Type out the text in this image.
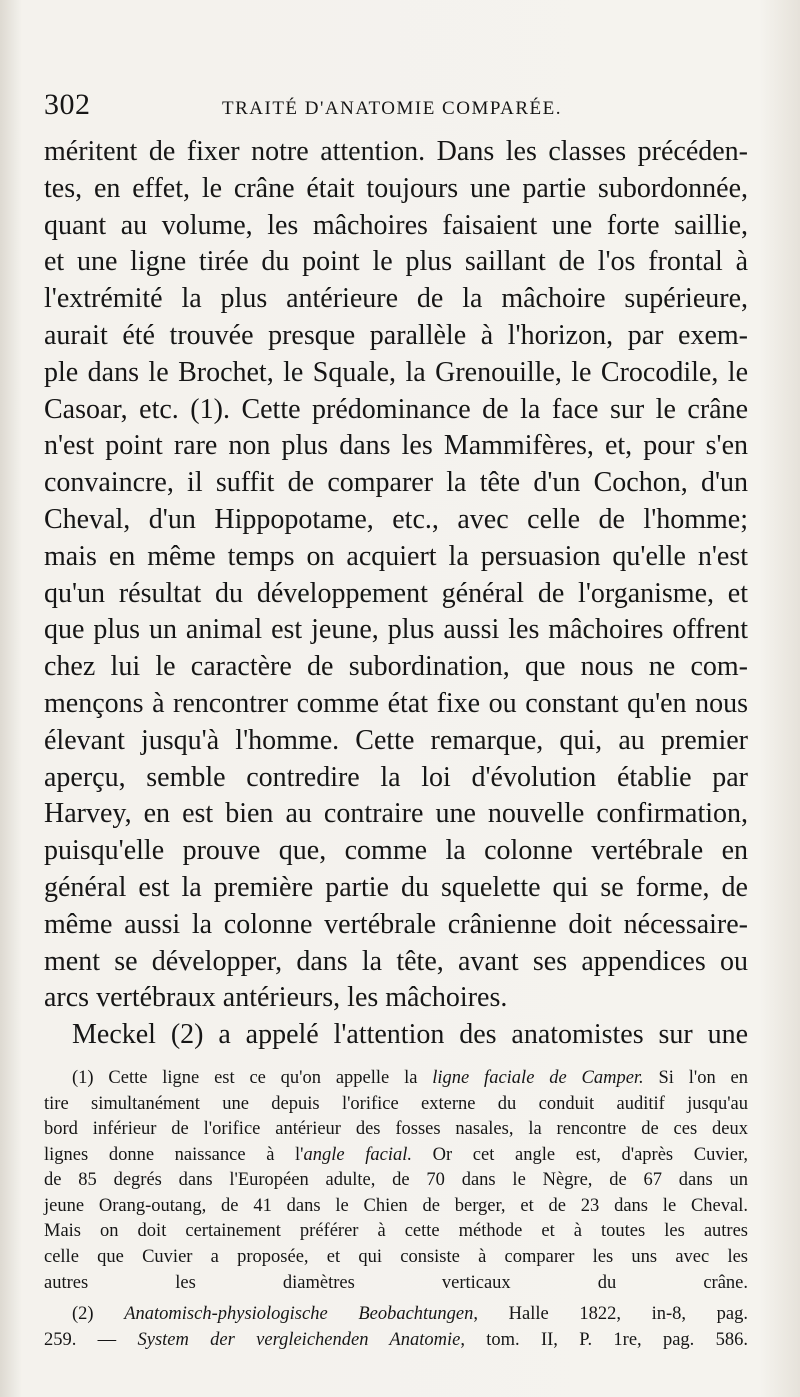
302	TRAITÉ D'ANATOMIE COMPARÉE.
méritent de fixer notre attention. Dans les classes précéden-
tes, en effet, le crâne était toujours une partie subordonnée,
quant au volume, les mâchoires faisaient une forte saillie,
et une ligne tirée du point le plus saillant de l'os frontal à
l'extrémité la plus antérieure de la mâchoire supérieure,
aurait été trouvée presque parallèle à l'horizon, par exem-
ple dans le Brochet, le Squale, la Grenouille, le Crocodile, le
Casoar, etc. (1). Cette prédominance de la face sur le crâne
n'est point rare non plus dans les Mammifères, et, pour s'en
convaincre, il suffit de comparer la tête d'un Cochon, d'un
Cheval, d'un Hippopotame, etc., avec celle de l'homme;
mais en même temps on acquiert la persuasion qu'elle n'est
qu'un résultat du développement général de l'organisme, et
que plus un animal est jeune, plus aussi les mâchoires offrent
chez lui le caractère de subordination, que nous ne com-
mençons à rencontrer comme état fixe ou constant qu'en nous
élevant jusqu'à l'homme. Cette remarque, qui, au premier
aperçu, semble contredire la loi d'évolution établie par
Harvey, en est bien au contraire une nouvelle confirmation,
puisqu'elle prouve que, comme la colonne vertébrale en
général est la première partie du squelette qui se forme, de
même aussi la colonne vertébrale crânienne doit nécessaire-
ment se développer, dans la tête, avant ses appendices ou
arcs vertébraux antérieurs, les mâchoires.
Meckel (2) a appelé l'attention des anatomistes sur une
(1) Cette ligne est ce qu'on appelle la ligne faciale de Camper. Si l'on en
tire simultanément une depuis l'orifice externe du conduit auditif jusqu'au
bord inférieur de l'orifice antérieur des fosses nasales, la rencontre de ces deux
lignes donne naissance à l'angle facial. Or cet angle est, d'après Cuvier,
de 85 degrés dans l'Européen adulte, de 70 dans le Nègre, de 67 dans un
jeune Orang-outang, de 41 dans le Chien de berger, et de 23 dans le Cheval.
Mais on doit certainement préférer à cette méthode et à toutes les autres
celle que Cuvier a proposée, et qui consiste à comparer les uns avec les
autres les diamètres verticaux du crâne.
(2) Anatomisch-physiologische Beobachtungen, Halle 1822, in-8, pag.
259. — System der vergleichenden Anatomie, tom. II, P. 1re, pag. 586.
